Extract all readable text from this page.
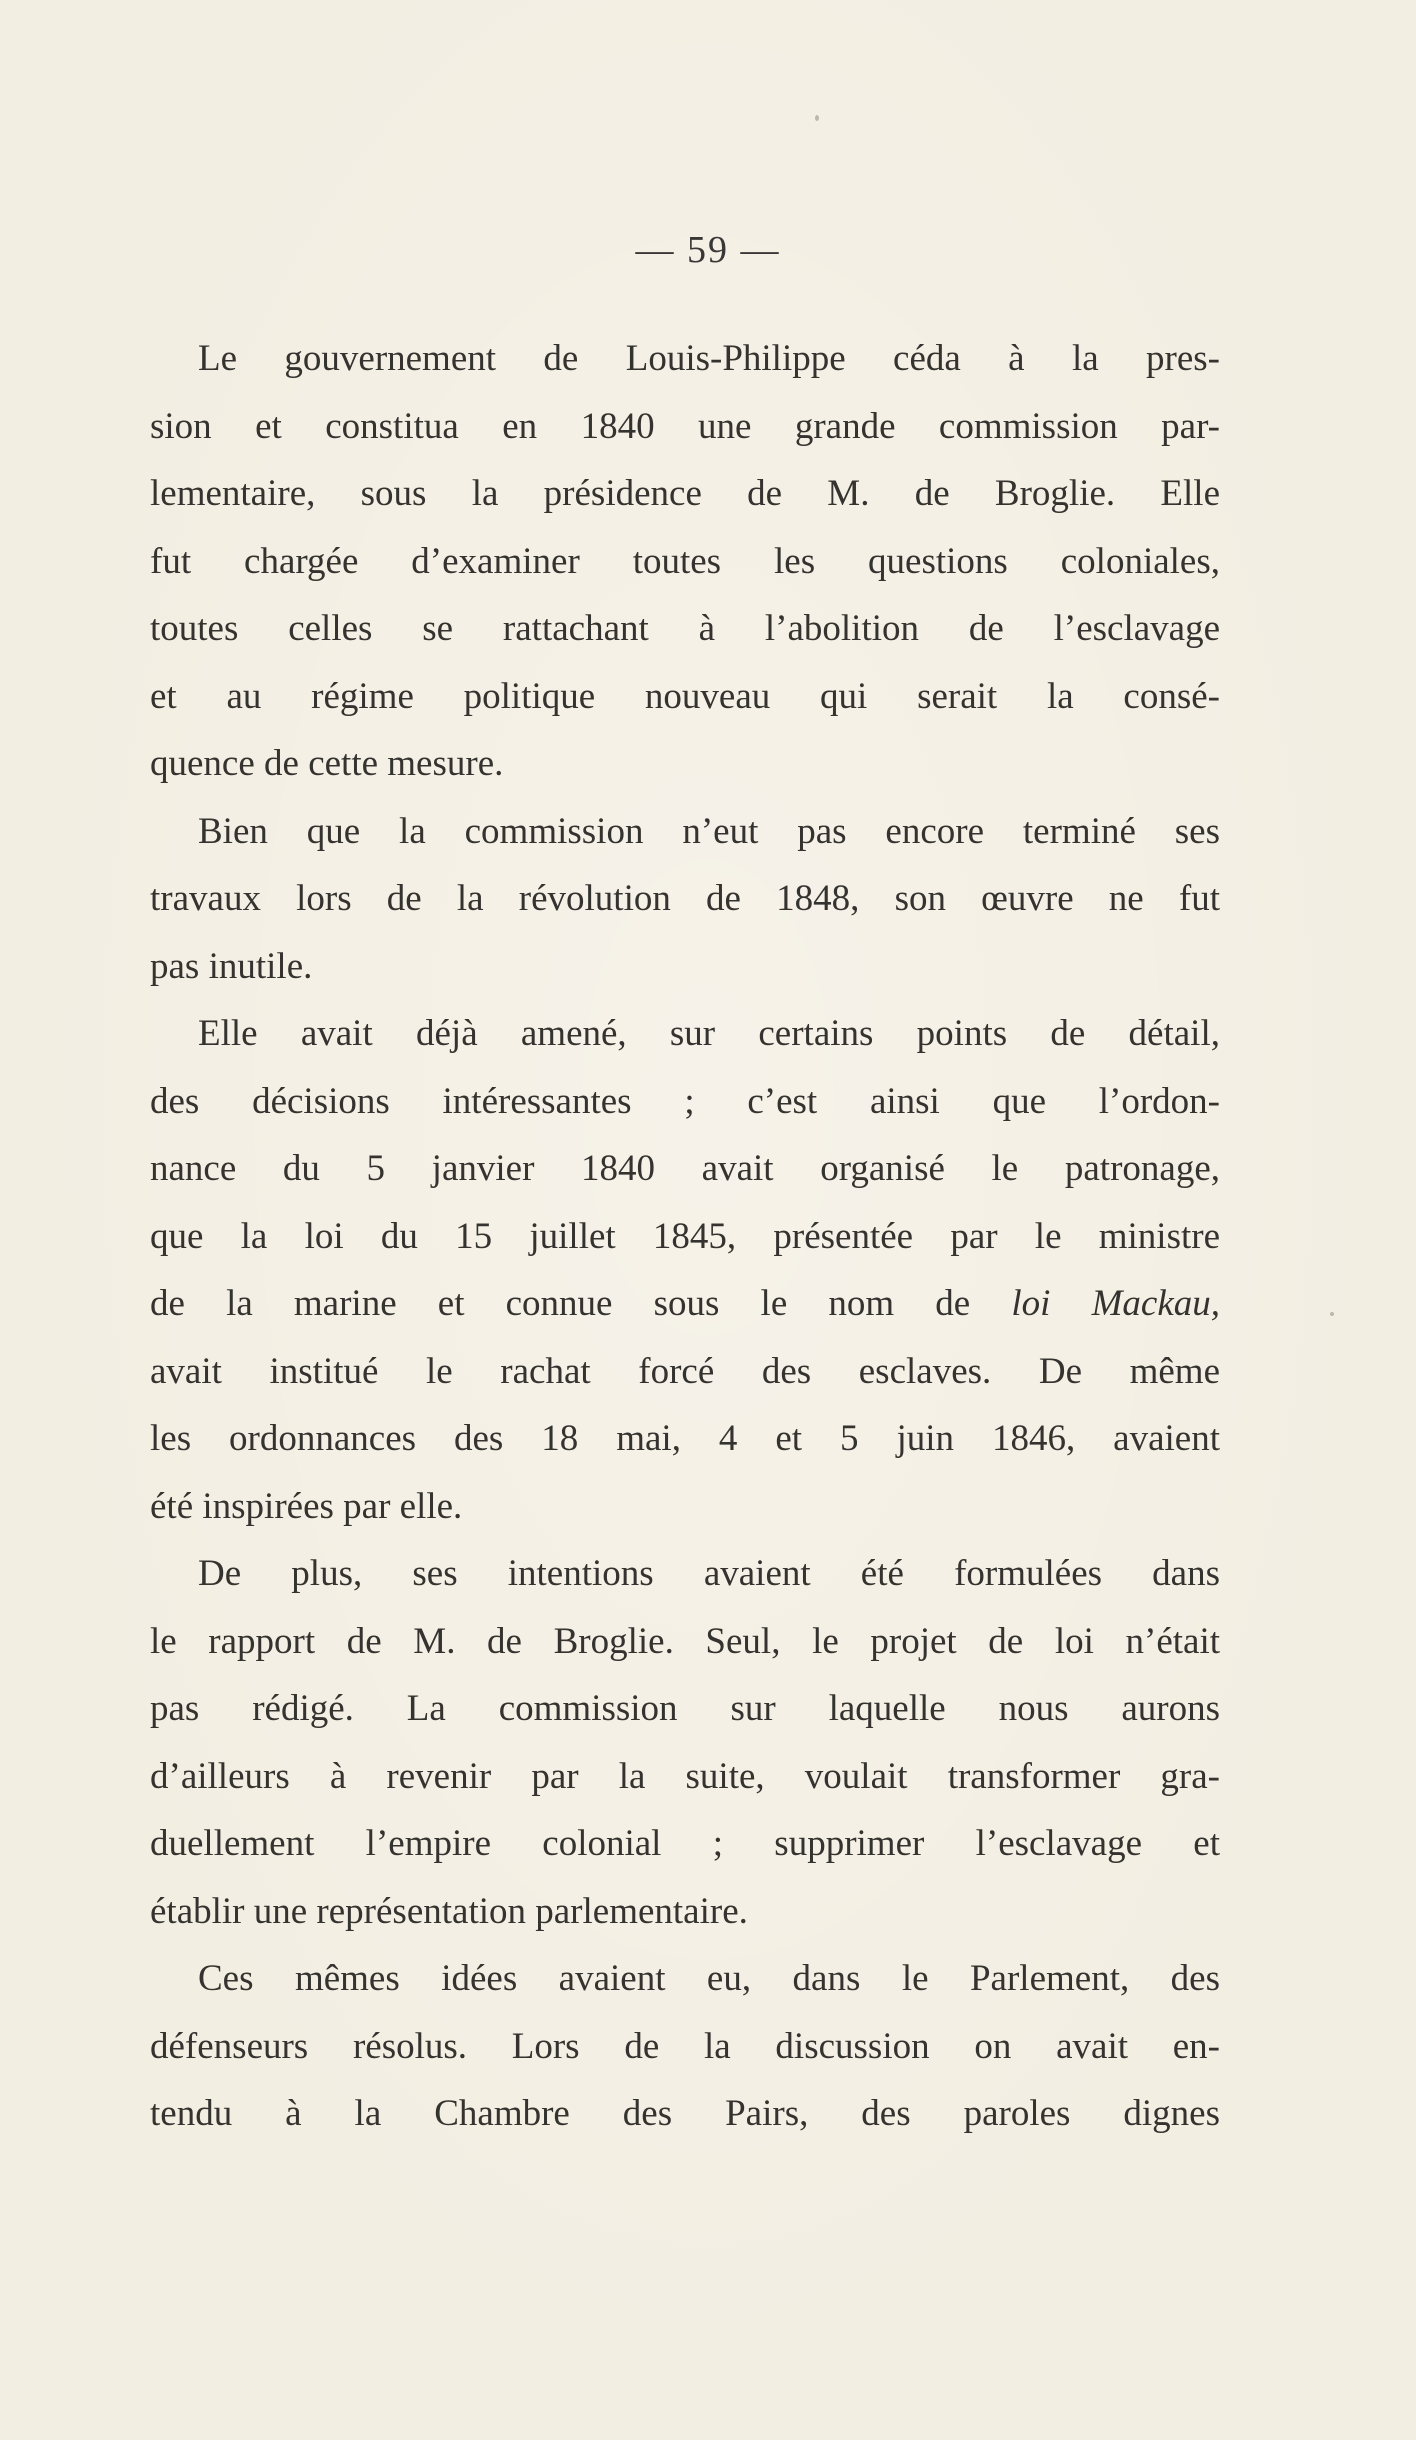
— 59 —
Le gouvernement de Louis-Philippe céda à la pres-
sion et constitua en 1840 une grande commission par-
lementaire, sous la présidence de M. de Broglie. Elle
fut chargée d’examiner toutes les questions coloniales,
toutes celles se rattachant à l’abolition de l’esclavage
et au régime politique nouveau qui serait la consé-
quence de cette mesure.
Bien que la commission n’eut pas encore terminé ses
travaux lors de la révolution de 1848, son œuvre ne fut
pas inutile.
Elle avait déjà amené, sur certains points de détail,
des décisions intéressantes ; c’est ainsi que l’ordon-
nance du 5 janvier 1840 avait organisé le patronage,
que la loi du 15 juillet 1845, présentée par le ministre
de la marine et connue sous le nom de loi Mackau,
avait institué le rachat forcé des esclaves. De même
les ordonnances des 18 mai, 4 et 5 juin 1846, avaient
été inspirées par elle.
De plus, ses intentions avaient été formulées dans
le rapport de M. de Broglie. Seul, le projet de loi n’était
pas rédigé. La commission sur laquelle nous aurons
d’ailleurs à revenir par la suite, voulait transformer gra-
duellement l’empire colonial ; supprimer l’esclavage et
établir une représentation parlementaire.
Ces mêmes idées avaient eu, dans le Parlement, des
défenseurs résolus. Lors de la discussion on avait en-
tendu à la Chambre des Pairs, des paroles dignes
